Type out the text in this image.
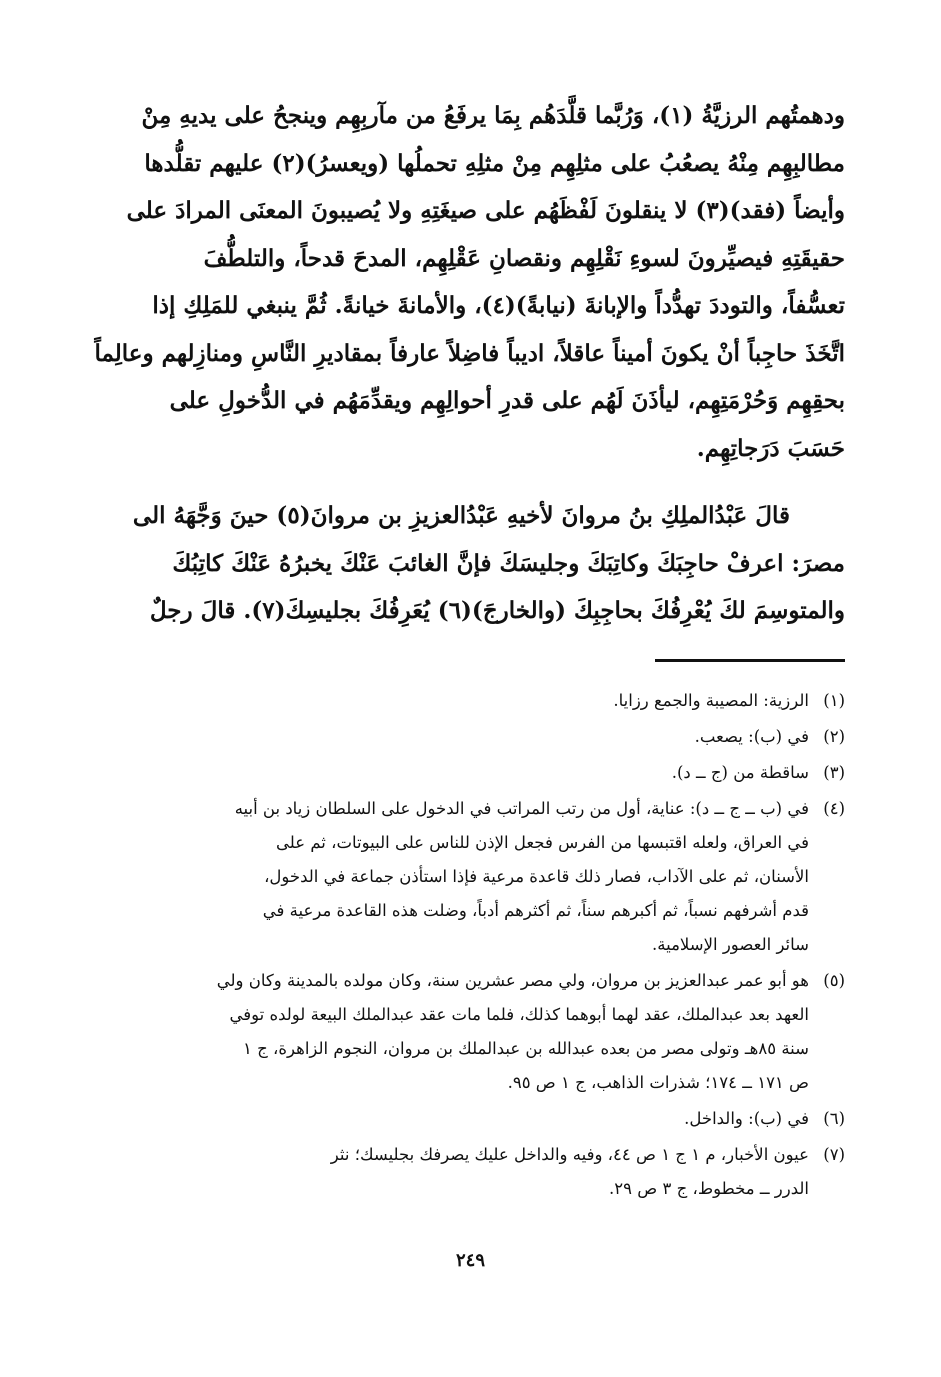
ودهمتُهم الرزيَّةُ (١)، وَرُبَّما قلَّدَهُم بِمَا يرفَعُ من مآربِهِم وينجحُ على يديهِ مِنْ
مطالبِهِم مِنْهُ يصعُبُ على مثلِهِم مِنْ مثلِهِ تحملُها (ويعسرُ)(٢) عليهم تقلُّدها
وأيضاً (فقد)(٣) لا ينقلونَ لَفْظَهُم على صيغَتِهِ ولا يُصيبونَ المعنَى المرادَ على
حقيقَتِهِ فيصيِّرونَ لسوءِ نَقْلِهِم ونقصانِ عَقْلِهِم، المدحَ قدحاً، والتلطُّفَ
تعسُّفاً، والتوددَ تهدُّداً والإبانةَ (نيابةً)(٤)، والأمانةَ خيانةً. ثُمَّ ينبغي للمَلِكِ إذا
اتَّخَذَ حاجِباً أنْ يكونَ أميناً عاقلاً، اديباً فاضِلاً عارفاً بمقاديرِ النَّاسِ ومنازِلهم وعالِماً
بحقِهِم وَحُرْمَتِهِم، ليأذَنَ لَهُم على قدرِ أحوالِهِم ويقدِّمَهُم في الدُّخولِ على
حَسَبَ دَرَجاتِهِم.
قالَ عَبْدُالملِكِ بنُ مروانَ لأخيهِ عَبْدُالعزيزِ بن مروانَ(٥) حينَ وَجَّهَهُ الى
مصرَ: اعرفْ حاجِبَكَ وكاتِبَكَ وجليسَكَ فإنَّ الغائبَ عَنْكَ يخبرُهُ عَنْكَ كاتِبُكَ
والمتوسِمَ لكَ يُعْرِفُكَ بحاجِبِكَ (والخارجَ)(٦) يُعَرِفُكَ بجليسِكَ(٧). قالَ رجلٌ
(١)الرزية: المصيبة والجمع رزايا.
(٢)في (ب): يصعب.
(٣)ساقطة من (ج ــ د).
(٤)في (ب ــ ج ــ د): عناية، أول من رتب المراتب في الدخول على السلطان زياد بن أبيه
في العراق، ولعله اقتبسها من الفرس فجعل الإذن للناس على البيوتات، ثم على
الأسنان، ثم على الآداب، فصار ذلك قاعدة مرعية فإذا استأذن جماعة في الدخول،
قدم أشرفهم نسباً، ثم أكبرهم سناً، ثم أكثرهم أدباً، وضلت هذه القاعدة مرعية في
سائر العصور الإسلامية.
(٥)هو أبو عمر عبدالعزيز بن مروان، ولي مصر عشرين سنة، وكان مولده بالمدينة وكان ولي
العهد بعد عبدالملك، عقد لهما أبوهما كذلك، فلما مات عقد عبدالملك البيعة لولده توفي
سنة ٨٥هـ وتولى مصر من بعده عبدالله بن عبدالملك بن مروان، النجوم الزاهرة، ج ١
ص ١٧١ ــ ١٧٤؛ شذرات الذاهب، ج ١ ص ٩٥.
(٦)في (ب): والداخل.
(٧)عيون الأخبار، م ١ ج ١ ص ٤٤، وفيه والداخل عليك يصرفك بجليسك؛ نثر
الدرر ــ مخطوط، ج ٣ ص ٢٩.
٢٤٩
